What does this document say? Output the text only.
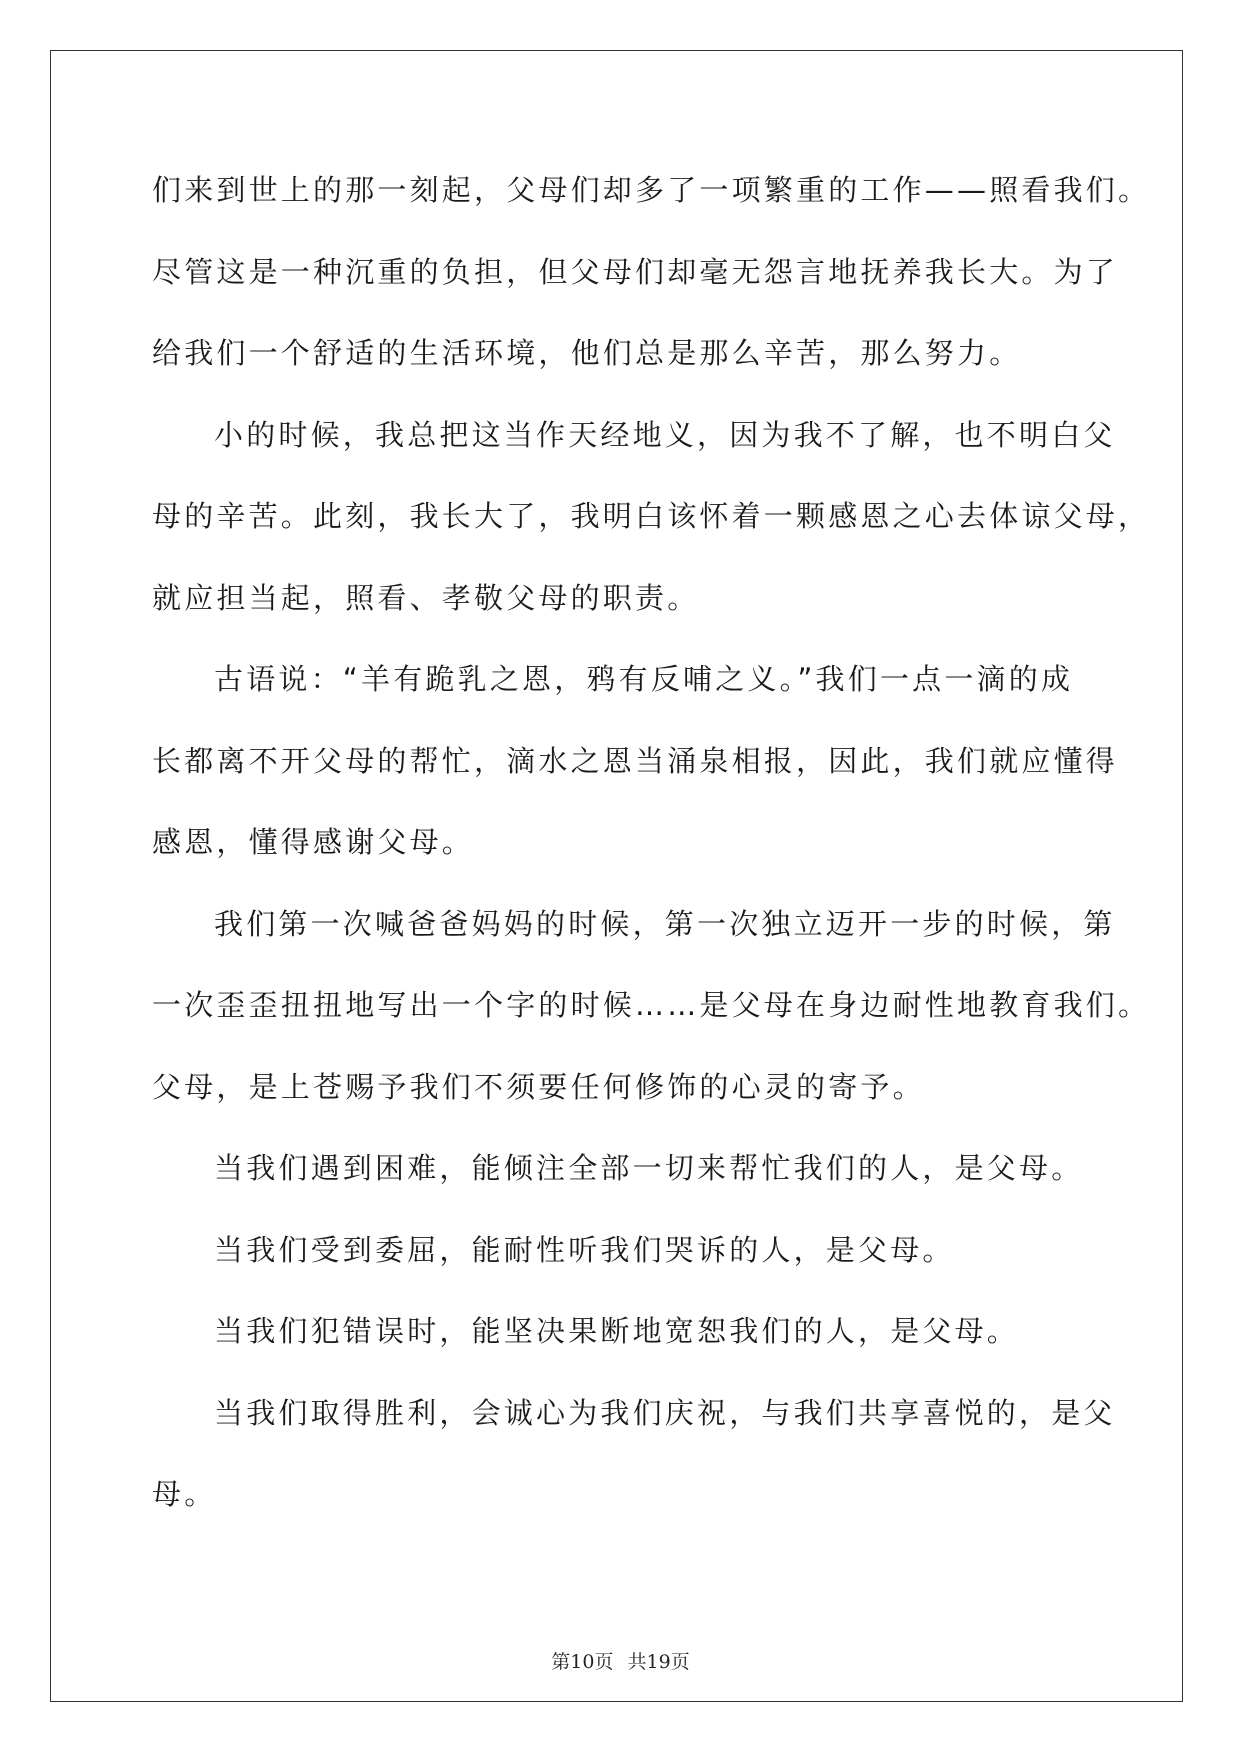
们来到世上的那一刻起，父母们却多了一项繁重的工作——照看我们。
尽管这是一种沉重的负担，但父母们却毫无怨言地抚养我长大。为了
给我们一个舒适的生活环境，他们总是那么辛苦，那么努力。
小的时候，我总把这当作天经地义，因为我不了解，也不明白父
母的辛苦。此刻，我长大了，我明白该怀着一颗感恩之心去体谅父母，
就应担当起，照看、孝敬父母的职责。
古语说：“羊有跪乳之恩，鸦有反哺之义。”我们一点一滴的成
长都离不开父母的帮忙，滴水之恩当涌泉相报，因此，我们就应懂得
感恩，懂得感谢父母。
我们第一次喊爸爸妈妈的时候，第一次独立迈开一步的时候，第
一次歪歪扭扭地写出一个字的时候……是父母在身边耐性地教育我们。
父母，是上苍赐予我们不须要任何修饰的心灵的寄予。
当我们遇到困难，能倾注全部一切来帮忙我们的人，是父母。
当我们受到委屈，能耐性听我们哭诉的人，是父母。
当我们犯错误时，能坚决果断地宽恕我们的人，是父母。
当我们取得胜利，会诚心为我们庆祝，与我们共享喜悦的，是父
母。
第10页 共19页
